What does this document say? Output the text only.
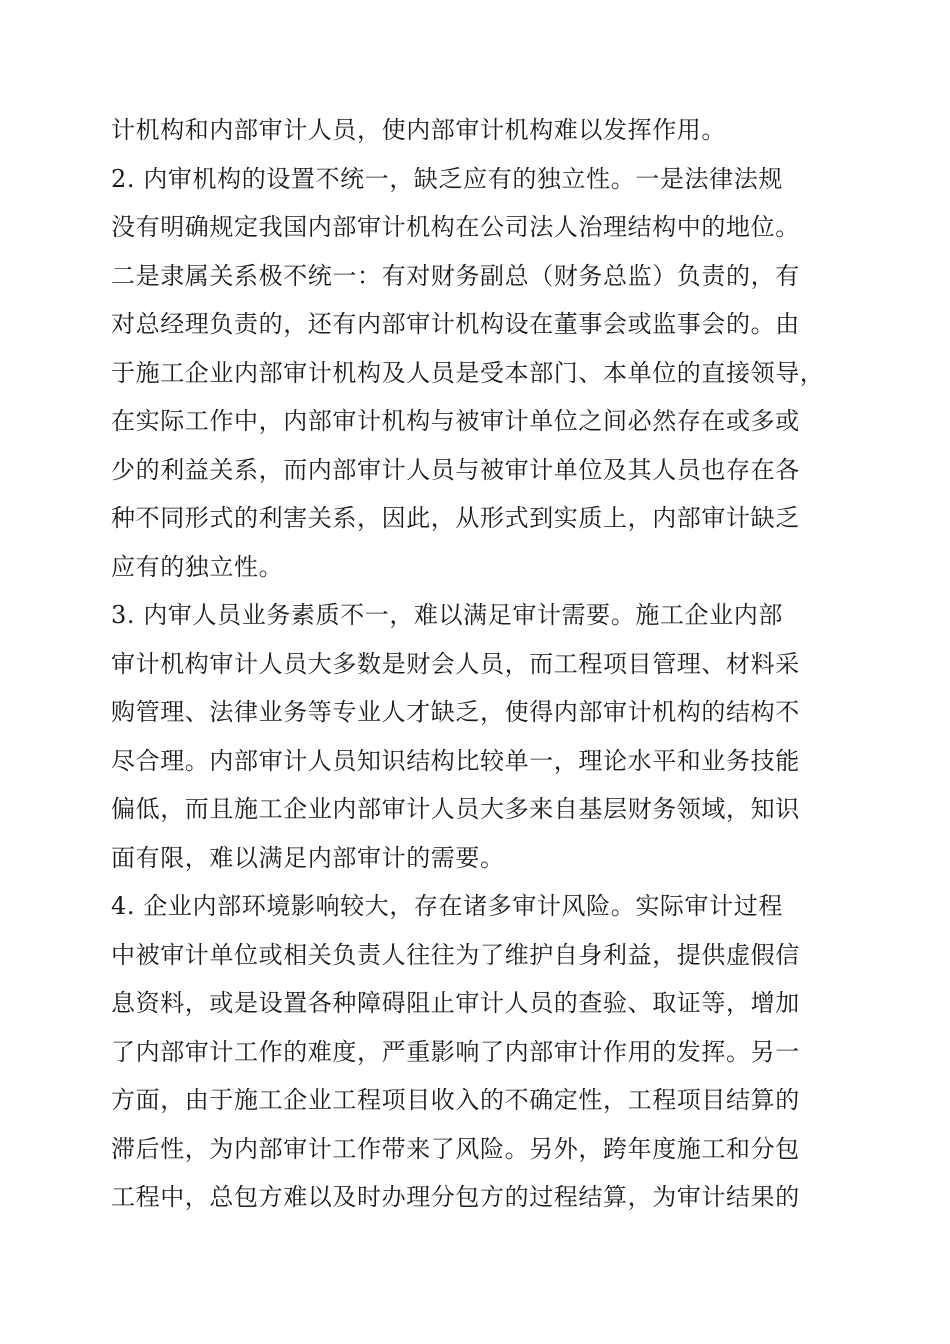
计机构和内部审计人员，使内部审计机构难以发挥作用。
2. 内审机构的设置不统一，缺乏应有的独立性。一是法律法规
没有明确规定我国内部审计机构在公司法人治理结构中的地位。
二是隶属关系极不统一：有对财务副总（财务总监）负责的，有
对总经理负责的，还有内部审计机构设在董事会或监事会的。由
于施工企业内部审计机构及人员是受本部门、本单位的直接领导，
在实际工作中，内部审计机构与被审计单位之间必然存在或多或
少的利益关系，而内部审计人员与被审计单位及其人员也存在各
种不同形式的利害关系，因此，从形式到实质上，内部审计缺乏
应有的独立性。
3. 内审人员业务素质不一，难以满足审计需要。施工企业内部
审计机构审计人员大多数是财会人员，而工程项目管理、材料采
购管理、法律业务等专业人才缺乏，使得内部审计机构的结构不
尽合理。内部审计人员知识结构比较单一，理论水平和业务技能
偏低，而且施工企业内部审计人员大多来自基层财务领域，知识
面有限，难以满足内部审计的需要。
4. 企业内部环境影响较大，存在诸多审计风险。实际审计过程
中被审计单位或相关负责人往往为了维护自身利益，提供虚假信
息资料，或是设置各种障碍阻止审计人员的查验、取证等，增加
了内部审计工作的难度，严重影响了内部审计作用的发挥。另一
方面，由于施工企业工程项目收入的不确定性，工程项目结算的
滞后性，为内部审计工作带来了风险。另外，跨年度施工和分包
工程中，总包方难以及时办理分包方的过程结算，为审计结果的
